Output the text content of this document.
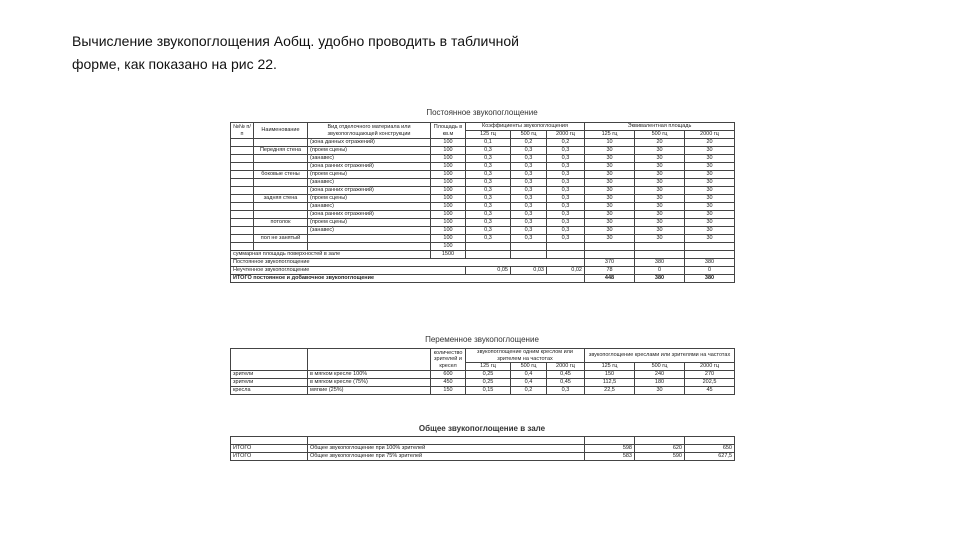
Вычисление звукопоглощения Аобщ. удобно проводить в табличной
форме, как показано на рис 22.

Постоянное звукопоглощение
№№ п/п	Наименование	Вид отделочного материала или звукопоглощающей конструкции	Площадь в кв.м	Коэффициенты звукопоглощения			Эквивалентная площадь		
				125 гц	500 гц	2000 гц	125 гц	500 гц	2000 гц
		(зона данных отражений)	100	0,1	0,2	0,2	10	20	20
	Передняя стена	(проем сцены)	100	0,3	0,3	0,3	30	30	30
		(занавес)	100	0,3	0,3	0,3	30	30	30
		(зона ранних отражений)	100	0,3	0,3	0,3	30	30	30
	боковые стены	(проем сцены)	100	0,3	0,3	0,3	30	30	30
		(занавес)	100	0,3	0,3	0,3	30	30	30
		(зона ранних отражений)	100	0,3	0,3	0,3	30	30	30
	задняя стена	(проем сцены)	100	0,3	0,3	0,3	30	30	30
		(занавес)	100	0,3	0,3	0,3	30	30	30
		(зона ранних отражений)	100	0,3	0,3	0,3	30	30	30
	потолок	(проем сцены)	100	0,3	0,3	0,3	30	30	30
		(занавес)	100	0,3	0,3	0,3	30	30	30
	пол не занятый		100	0,3	0,3	0,3	30	30	30
			100						
суммарная площадь поверхностей в зале			1500						
Постоянное звукопоглощение							370	380	380
Неучтенное звукопоглощение				0,05	0,03	0,02	78	0	0
ИТОГО постоянное и добавочное звукопоглощение							448	380	380
Переменное звукопоглощение
		количество зрителей и кресел	звукопоглощение одним креслом или зрителем на частотах			звукопоглощение креслами или зрителями на частотах		
			125 гц	500 гц	2000 гц	125 гц	500 гц	2000 гц
зрители	в мягком кресле 100%	600	0,25	0,4	0,45	150	240	270
зрители	в мягком кресле (75%)	450	0,25	0,4	0,45	112,5	180	202,5
кресла	мягкие (25%)	150	0,15	0,2	0,3	22,5	30	45
Общее звукопоглощение в зале

ИТОГО	Общее звукопоглощение при 100% зрителей	598	620	650
ИТОГО	Общее звукопоглощение при 75% зрителей	583	590	627,5
